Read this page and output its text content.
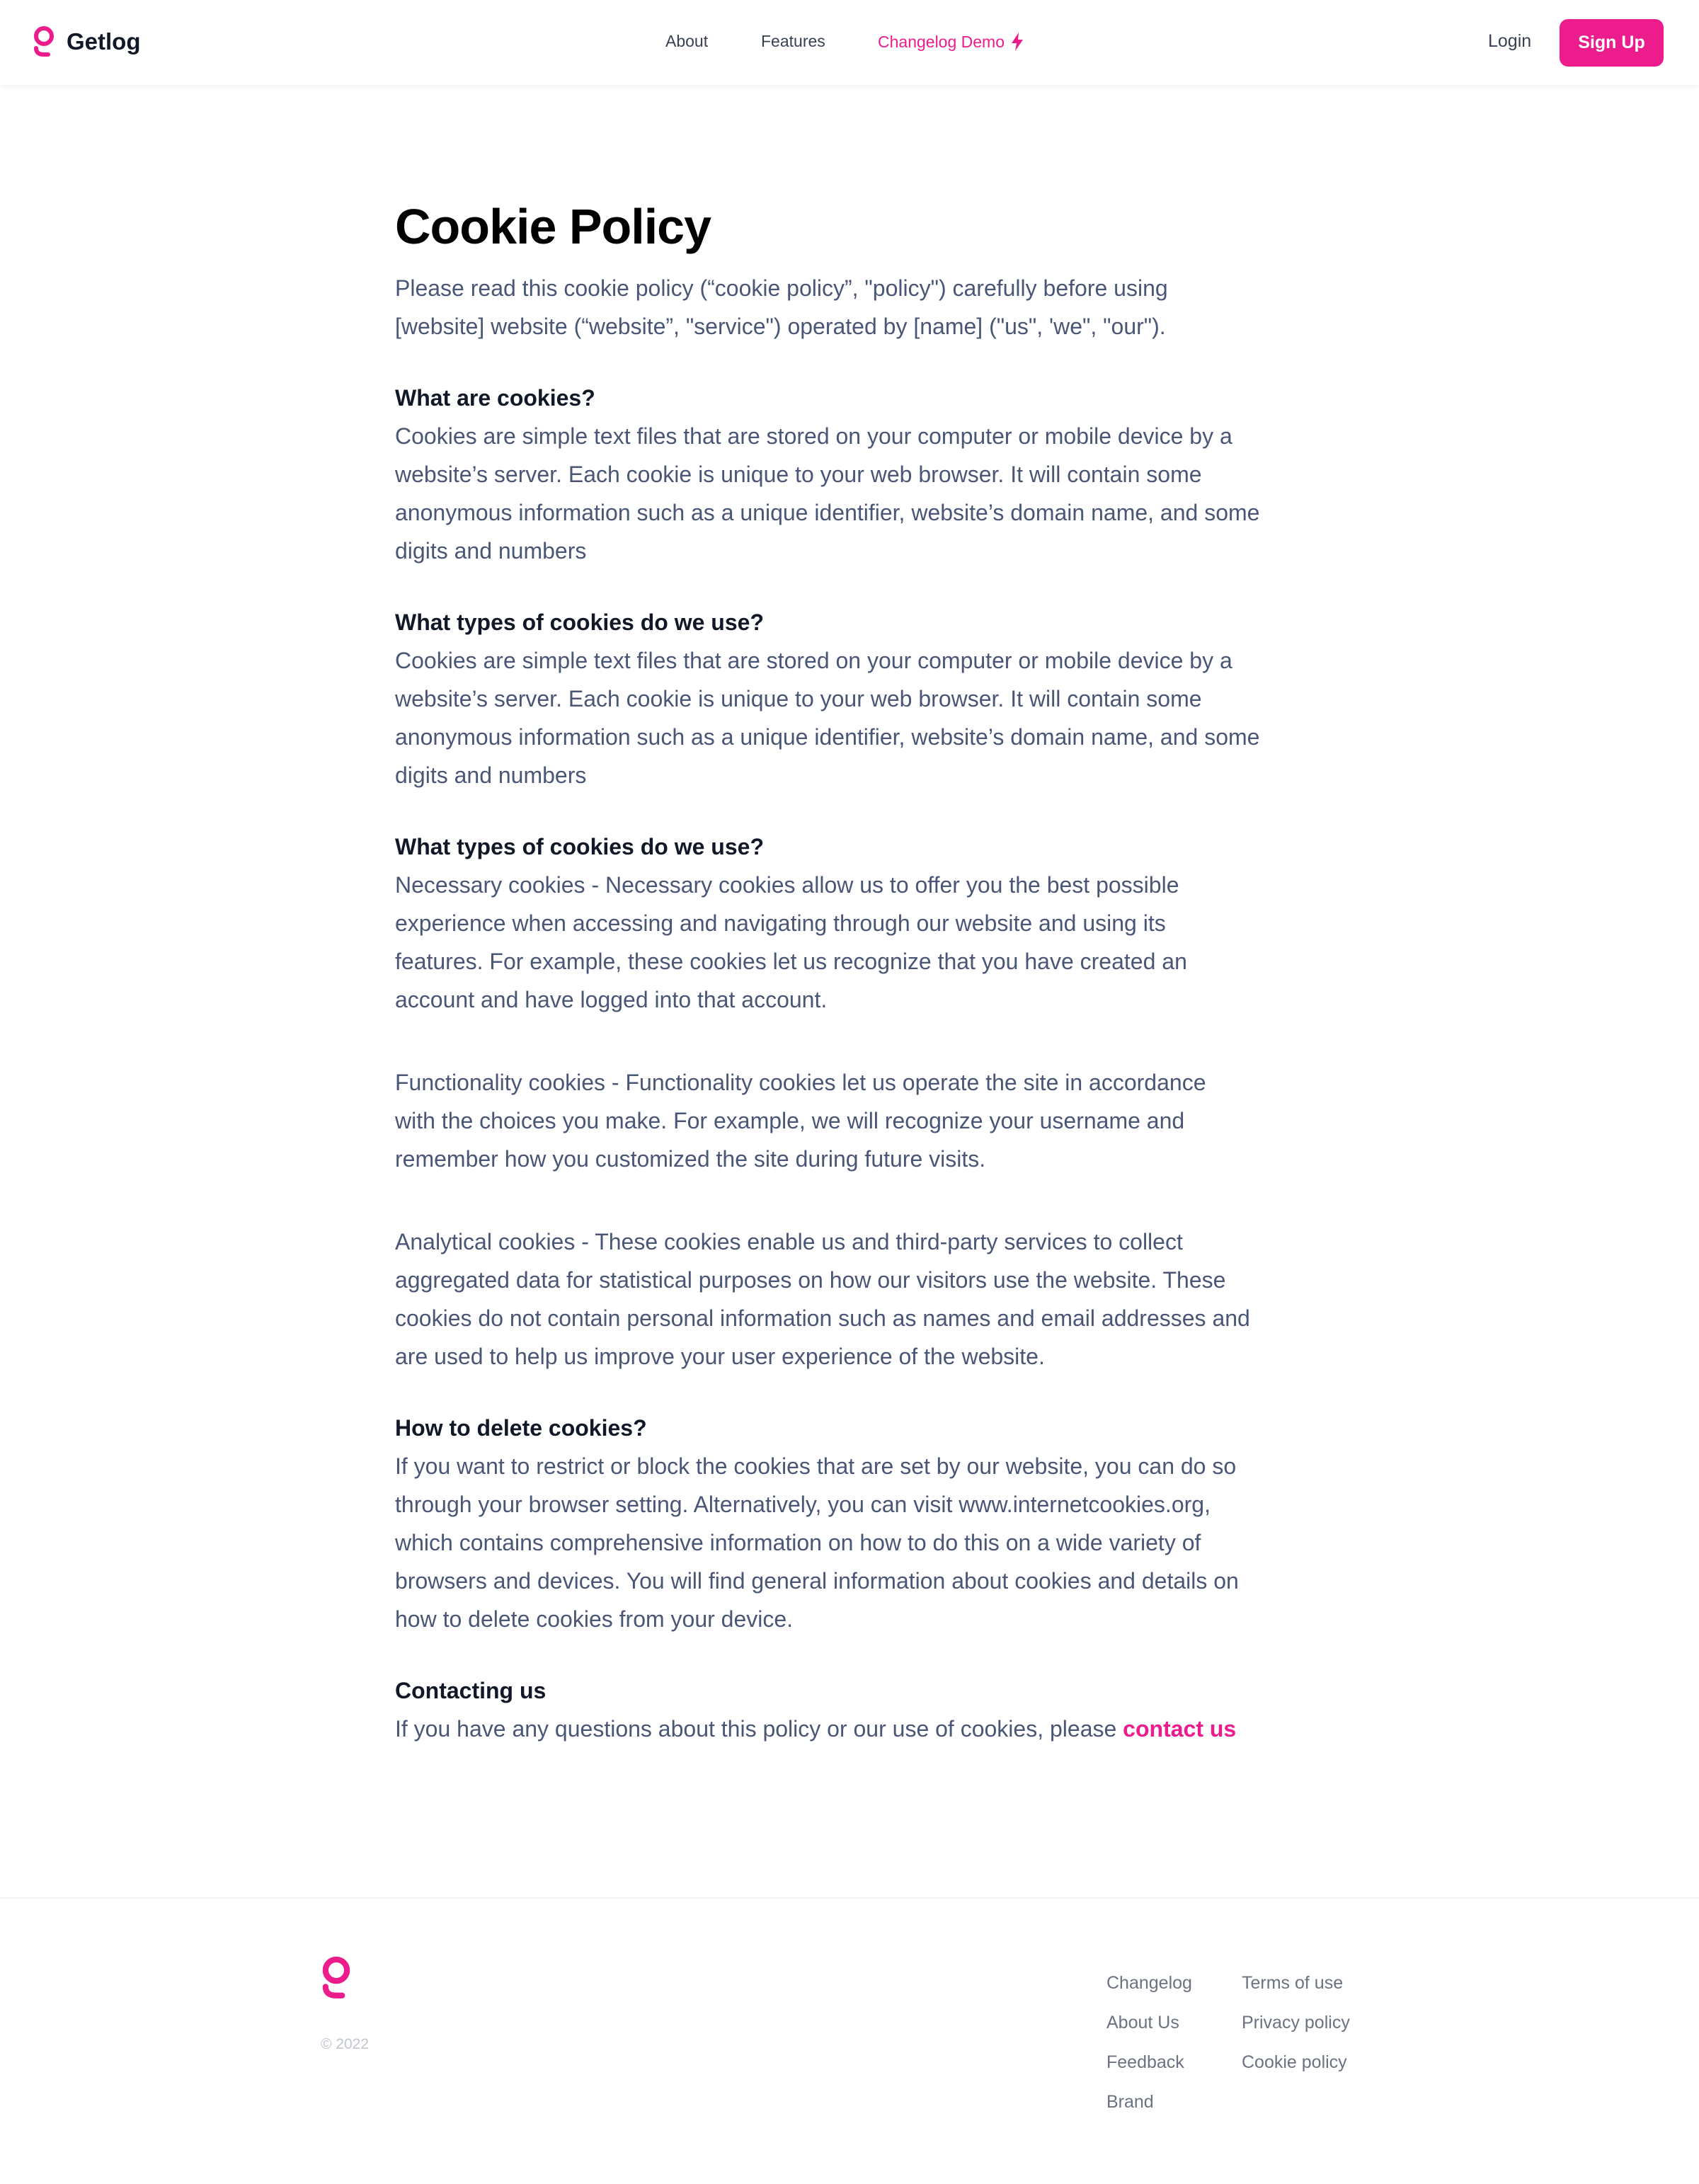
Getlog	About	Features	Changelog Demo	Login	Sign Up
Cookie Policy

Please read this cookie policy (“cookie policy”, "policy") carefully before using
[website] website (“website”, "service") operated by [name] ("us", 'we", "our").

What are cookies?

Cookies are simple text files that are stored on your computer or mobile device by a
website’s server. Each cookie is unique to your web browser. It will contain some
anonymous information such as a unique identifier, website’s domain name, and some
digits and numbers

What types of cookies do we use?

Cookies are simple text files that are stored on your computer or mobile device by a
website’s server. Each cookie is unique to your web browser. It will contain some
anonymous information such as a unique identifier, website’s domain name, and some
digits and numbers

What types of cookies do we use?

Necessary cookies - Necessary cookies allow us to offer you the best possible
experience when accessing and navigating through our website and using its
features. For example, these cookies let us recognize that you have created an
account and have logged into that account.

Functionality cookies - Functionality cookies let us operate the site in accordance
with the choices you make. For example, we will recognize your username and
remember how you customized the site during future visits.

Analytical cookies - These cookies enable us and third-party services to collect
aggregated data for statistical purposes on how our visitors use the website. These
cookies do not contain personal information such as names and email addresses and
are used to help us improve your user experience of the website.

How to delete cookies?

If you want to restrict or block the cookies that are set by our website, you can do so
through your browser setting. Alternatively, you can visit www.internetcookies.org,
which contains comprehensive information on how to do this on a wide variety of
browsers and devices. You will find general information about cookies and details on
how to delete cookies from your device.

Contacting us

If you have any questions about this policy or our use of cookies, please contact us

© 2022
Changelog
About Us
Feedback
Brand
Terms of use
Privacy policy
Cookie policy
